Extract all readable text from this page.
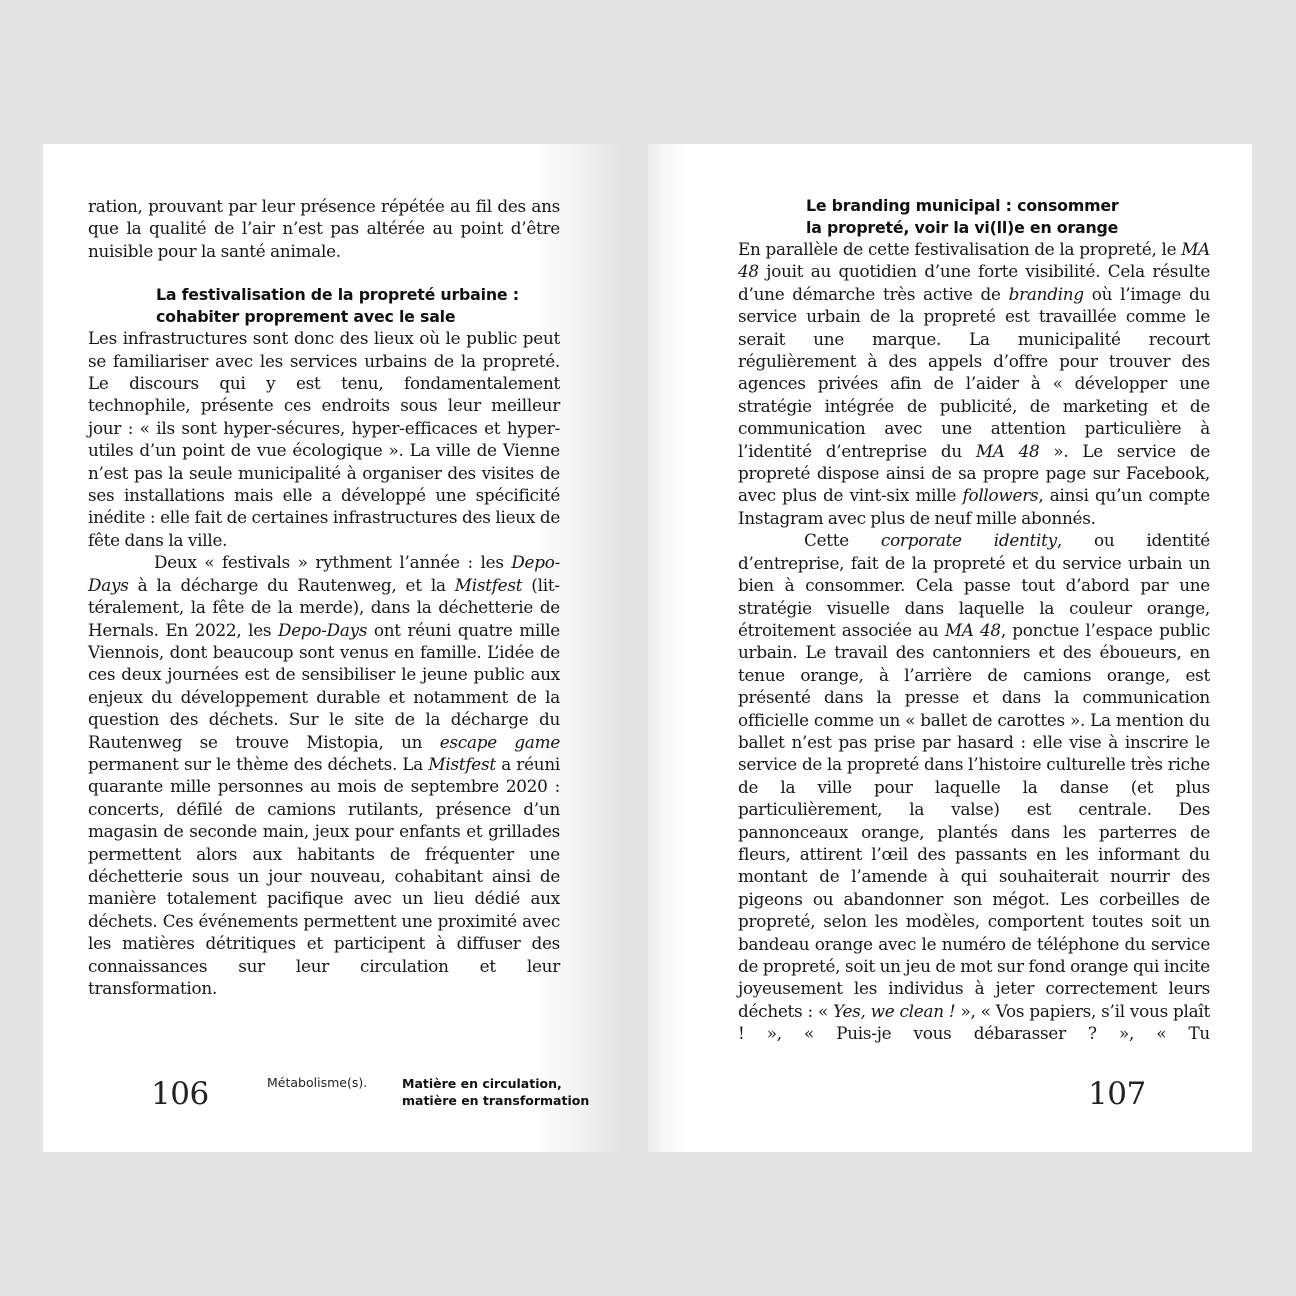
ration, prouvant par leur présence répétée au fil des ans que la qualité de l’air n’est pas altérée au point d’être nuisible pour la santé animale.

La festivalisation de la propreté urbaine :
cohabiter proprement avec le sale

Les infrastructures sont donc des lieux où le public peut se familiariser avec les services urbains de la propreté. Le discours qui y est tenu, fondamentalement technophile, présente ces endroits sous leur meilleur jour : « ils sont hyper-sécures, hyper-efficaces et hyper-utiles d’un point de vue écologique ». La ville de Vienne n’est pas la seule municipalité à organiser des visites de ses installations mais elle a développé une spécificité inédite : elle fait de certaines infrastructures des lieux de fête dans la ville.

Deux « festivals » rythment l’année : les Depo-Days à la décharge du Rautenweg, et la Mistfest (littéralement, la fête de la merde), dans la déchetterie de Hernals. En 2022, les Depo-Days ont réuni quatre mille Viennois, dont beaucoup sont venus en famille. L’idée de ces deux journées est de sensibiliser le jeune public aux enjeux du développement durable et notamment de la question des déchets. Sur le site de la décharge du Rautenweg se trouve Mistopia, un escape game permanent sur le thème des déchets. La Mistfest a réuni quarante mille personnes au mois de septembre 2020 : concerts, défilé de camions rutilants, présence d’un magasin de seconde main, jeux pour enfants et grillades permettent alors aux habitants de fréquenter une déchetterie sous un jour nouveau, cohabitant ainsi de manière totalement pacifique avec un lieu dédié aux déchets. Ces événements permettent une proximité avec les matières détritiques et participent à diffuser des connaissances sur leur circulation et leur transformation.

106	Métabolisme(s).	Matière en circulation,
matière en transformation
Le branding municipal : consommer
la propreté, voir la vi(ll)e en orange

En parallèle de cette festivalisation de la propreté, le MA 48 jouit au quotidien d’une forte visibilité. Cela résulte d’une démarche très active de branding où l’image du service urbain de la propreté est travaillée comme le serait une marque. La municipalité recourt régulièrement à des appels d’offre pour trouver des agences privées afin de l’aider à « développer une stratégie intégrée de publicité, de marketing et de communication avec une attention particulière à l’identité d’entreprise du MA 48 ». Le service de propreté dispose ainsi de sa propre page sur Facebook, avec plus de vint-six mille followers, ainsi qu’un compte Instagram avec plus de neuf mille abonnés.

Cette corporate identity, ou identité d’entreprise, fait de la propreté et du service urbain un bien à consommer. Cela passe tout d’abord par une stratégie visuelle dans laquelle la couleur orange, étroitement associée au MA 48, ponctue l’espace public urbain. Le travail des cantonniers et des éboueurs, en tenue orange, à l’arrière de camions orange, est présenté dans la presse et dans la communication officielle comme un « ballet de carottes ». La mention du ballet n’est pas prise par hasard : elle vise à inscrire le service de la propreté dans l’histoire culturelle très riche de la ville pour laquelle la danse (et plus particulièrement, la valse) est centrale. Des pannonceaux orange, plantés dans les parterres de fleurs, attirent l’œil des passants en les informant du montant de l’amende à qui souhaiterait nourrir des pigeons ou abandonner son mégot. Les corbeilles de propreté, selon les modèles, comportent toutes soit un bandeau orange avec le numéro de téléphone du service de propreté, soit un jeu de mot sur fond orange qui incite joyeusement les individus à jeter correctement leurs déchets : « Yes, we clean ! », « Vos papiers, s’il vous plaît ! », « Puis-je vous débarasser ? », « Tu

107
